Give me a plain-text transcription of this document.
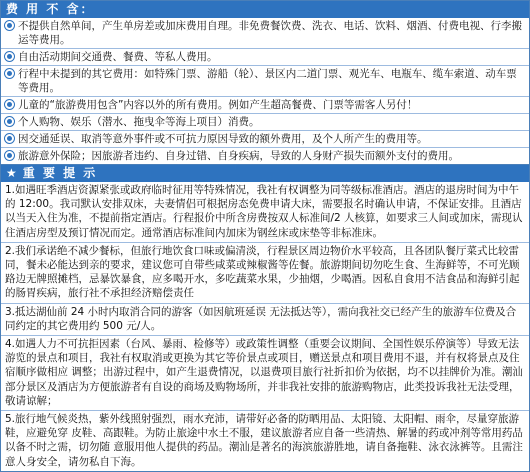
费 用 不 含：
不提供自然单间，产生单房差或加床费用自理。非免费餐饮费、洗衣、电话、饮料、烟酒、付费电视、行李搬运等费用。
自由活动期间交通费、餐费、等私人费用。
行程中未提到的其它费用：如特殊门票、游船（轮）、景区内二道门票、观光车、电瓶车、缆车索道、动车票等费用。
儿童的“旅游费用包含”内容以外的所有费用。例如产生超高餐费、门票等需客人另付！
个人购物、娱乐（潜水、拖曳伞等海上项目）消费。
因交通延误、取消等意外事件或不可抗力原因导致的额外费用，及个人所产生的费用等。
旅游意外保险；因旅游者违约、自身过错、自身疾病，导致的人身财产损失而额外支付的费用。
★ 重 要 提 示
1.如遇旺季酒店资源紧张或政府临时征用等特殊情况，我社有权调整为同等级标准酒店。酒店的退房时间为中午的 12:00。我司默认安排双床，夫妻情侣可根据房态免费申请大床，需要报名时确认申请，不保证安排。且酒店以当天入住为准，不提前指定酒店。行程报价中所含房费按双人标准间/2 人核算，如要求三人间或加床，需现认住酒店房型及预订情况而定。通常酒店标准间内加床为钢丝床或床垫等非标准床。
2.我们承诺绝不减少餐标，但旅行地饮食口味或偏清淡，行程景区周边物价水平较高，且各团队餐厅菜式比较雷同，餐未必能达到亲的要求，建议您可自带些咸菜或辣椒酱等佐餐。旅游期间切勿吃生食、生海鲜等，不可光顾路边无牌照摊档，忌暴饮暴食，应多喝开水，多吃蔬菜水果，少抽烟，少喝酒。因私自食用不洁食品和海鲜引起的肠胃疾病，旅行社不承担经济赔偿责任
3.抵达湖仙前 24 小时内取消合同的游客（如因航班延误 无法抵达等），需向我社交已经产生的旅游车位费及合同约定的其它费用约 500 元/人。
4.如遇人力不可抗拒因素（台风、暴雨、检修等）或政策性调整（重要会议期间、全国性娱乐停演等）导致无法游览的景点和项目，我社有权取消或更换为其它等价景点或项目，赠送景点和项目费用不退，并有权将景点及住宿顺序做相应 调整；出游过程中，如产生退费情况，以退费项目旅行社折扣价为依据，均不以挂牌价为准。潮汕部分景区及酒店为方便旅游者有自设的商场及购物场所，并非我社安排的旅游购物店，此类投诉我社无法受理，敬请谅解；
5.旅行地气候炎热，紫外线照射强烈，雨水充沛，请带好必备的防晒用品、太阳镜、太阳帽、雨伞，尽量穿旅游鞋，应避免穿 皮鞋、高跟鞋。为防止旅途中水土不服，建议旅游者应自备一些清热、解暑的药或冲剂等常用药品以备不时之需，切勿随 意服用他人提供的药品。潮汕是著名的海滨旅游胜地，请自备拖鞋、泳衣泳裤等。且需注意人身安全，请勿私自下海。
